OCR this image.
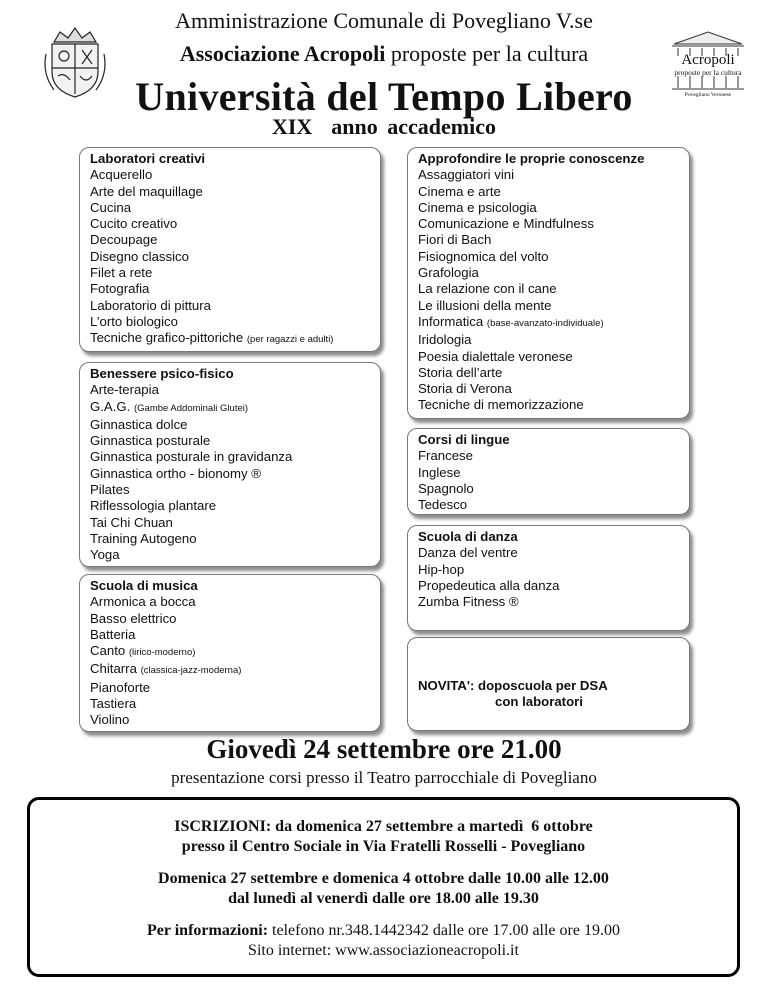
Acropoli
proposte per la cultura
Povegliano Veronese
Amministrazione Comunale di Povegliano V.se
Associazione Acropoli proposte per la cultura
Università del Tempo Libero
XIX  anno accademico
Laboratori creativi
Acquerello
Arte del maquillage
Cucina
Cucito creativo
Decoupage
Disegno classico
Filet a rete
Fotografia
Laboratorio di pittura
L’orto biologico
Tecniche grafico-pittoriche (per ragazzi e adulti)
Benessere psico-fisico
Arte-terapia
G.A.G. (Gambe Addominali Glutei)
Ginnastica dolce
Ginnastica posturale
Ginnastica posturale in gravidanza
Ginnastica ortho - bionomy ®
Pilates
Riflessologia plantare
Tai Chi Chuan
Training Autogeno
Yoga
Scuola di musica
Armonica a bocca
Basso elettrico
Batteria
Canto (lirico-moderno)
Chitarra (classica-jazz-moderna)
Pianoforte
Tastiera
Violino
Approfondire le proprie conoscenze
Assaggiatori vini
Cinema e arte
Cinema e psicologia
Comunicazione e Mindfulness
Fiori di Bach
Fisiognomica del volto
Grafologia
La relazione con il cane
Le illusioni della mente
Informatica (base-avanzato-individuale)
Iridologia
Poesia dialettale veronese
Storia dell’arte
Storia di Verona
Tecniche di memorizzazione
Corsi di lingue
Francese
Inglese
Spagnolo
Tedesco
Scuola di danza
Danza del ventre
Hip-hop
Propedeutica alla danza
Zumba Fitness ®
NOVITA': doposcuola per DSA
con laboratori
Giovedì 24 settembre ore 21.00
presentazione corsi presso il Teatro parrocchiale di Povegliano
ISCRIZIONI: da domenica 27 settembre a martedì  6 ottobre
presso il Centro Sociale in Via Fratelli Rosselli - Povegliano
Domenica 27 settembre e domenica 4 ottobre dalle 10.00 alle 12.00
dal lunedì al venerdì dalle ore 18.00 alle 19.30
Per informazioni: telefono nr.348.1442342 dalle ore 17.00 alle ore 19.00
Sito internet: www.associazioneacropoli.it
